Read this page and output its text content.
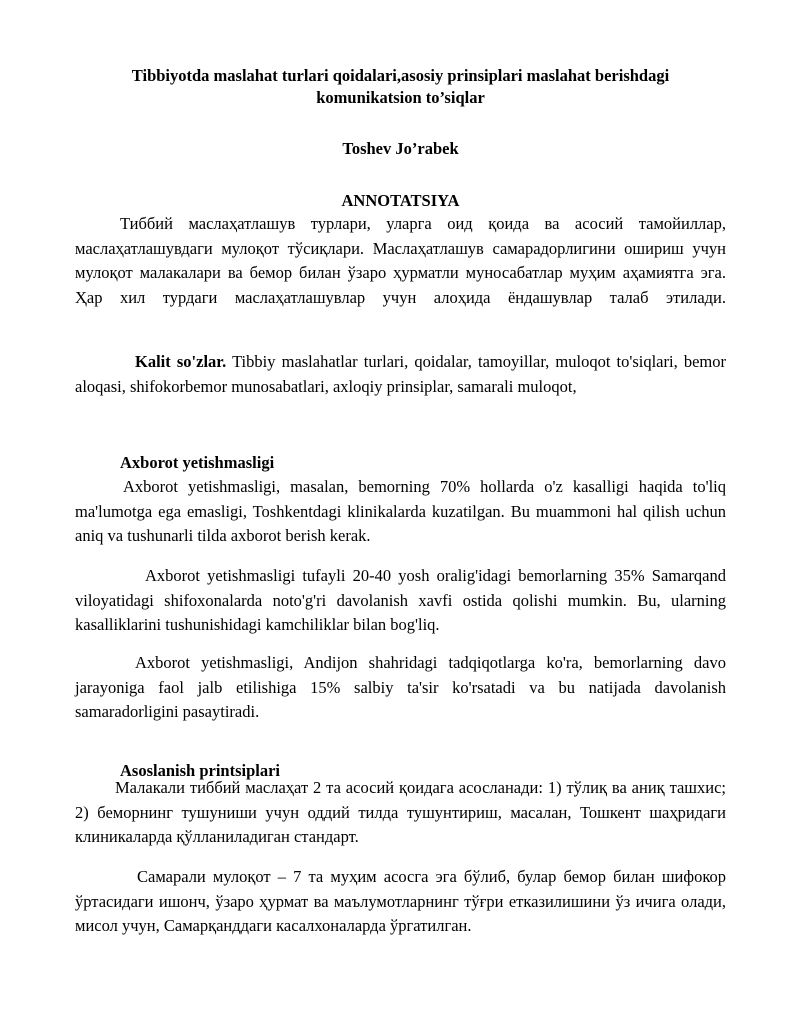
Tibbiyotda maslahat turlari qoidalari,asosiy prinsiplari maslahat berishdagi
komunikatsion to’siqlar
Toshev Jo’rabek
ANNOTATSIYA

Тиббий маслаҳатлашув турлари, уларга оид қоида ва асосий тамойиллар, маслаҳатлашувдаги мулоқот тўсиқлари. Маслаҳатлашув самарадорлигини ошириш учун мулоқот малакалари ва бемор билан ўзаро ҳурматли муносабатлар муҳим аҳамиятга эга. Ҳар хил турдаги маслаҳатлашувлар учун алоҳида ёндашувлар талаб этилади.

Kalit so'zlar. Tibbiy maslahatlar turlari, qoidalar, tamoyillar, muloqot to'siqlari, bemor aloqasi, shifokorbemor munosabatlari, axloqiy prinsiplar, samarali muloqot,

Axborot yetishmasligi

Axborot yetishmasligi, masalan, bemorning 70% hollarda o'z kasalligi haqida to'liq ma'lumotga ega emasligi, Toshkentdagi klinikalarda kuzatilgan. Bu muammoni hal qilish uchun aniq va tushunarli tilda axborot berish kerak.

Axborot yetishmasligi tufayli 20-40 yosh oralig'idagi bemorlarning 35% Samarqand viloyatidagi shifoxonalarda noto'g'ri davolanish xavfi ostida qolishi mumkin. Bu, ularning kasalliklarini tushunishidagi kamchiliklar bilan bog'liq.

Axborot yetishmasligi, Andijon shahridagi tadqiqotlarga ko'ra, bemorlarning davo jarayoniga faol jalb etilishiga 15% salbiy ta'sir ko'rsatadi va bu natijada davolanish samaradorligini pasaytiradi.

Asoslanish printsiplari

Малакали тиббий маслаҳат 2 та асосий қоидага асосланади: 1) тўлиқ ва аниқ ташхис; 2) беморнинг тушуниши учун оддий тилда тушунтириш, масалан, Тошкент шаҳридаги клиникаларда қўлланиладиган стандарт.

Самарали мулоқот – 7 та муҳим асосга эга бўлиб, булар бемор билан шифокор ўртасидаги ишонч, ўзаро ҳурмат ва маълумотларнинг тўғри етказилишини ўз ичига олади, мисол учун, Самарқанддаги касалхоналарда ўргатилган.
